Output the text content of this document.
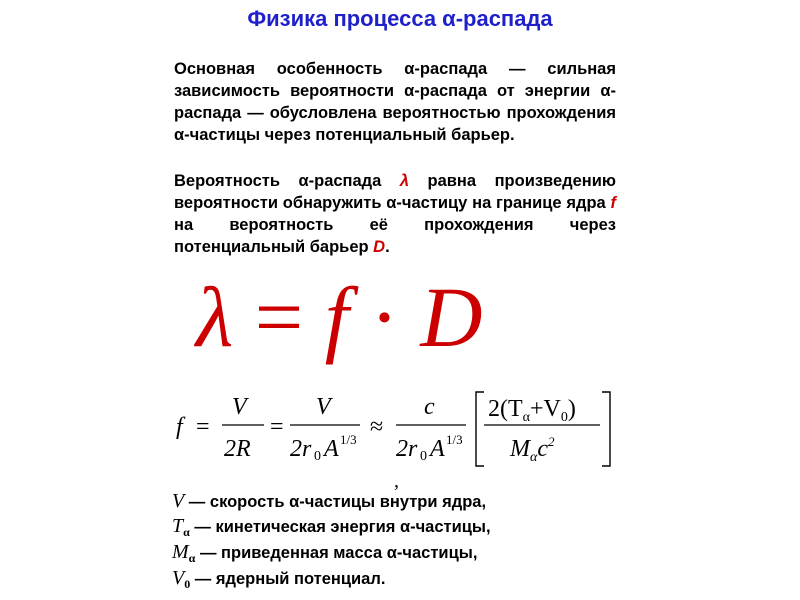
Физика процесса α-распада
Основная особенность α-распада — сильная зависимость вероятности α-распада от энергии α-распада — обусловлена вероятностью прохождения α-частицы через потенциальный барьер.
Вероятность α-распада λ равна произведению вероятности обнаружить α-частицу на границе ядра f на вероятность её прохождения через потенциальный барьер D.
λ = f · D
f =
V
2R
=
V
2r 0 A 1/3 ≈
c
2r 0 A 1/3
$2(T_\alpha+V_0)$
$M_\alpha c^2$
,
V — скорость α-частицы внутри ядра,
$T_\alpha$ — кинетическая энергия α-частицы,
$M_\alpha$ — приведенная масса α-частицы,
$V_0$ — ядерный потенциал.
